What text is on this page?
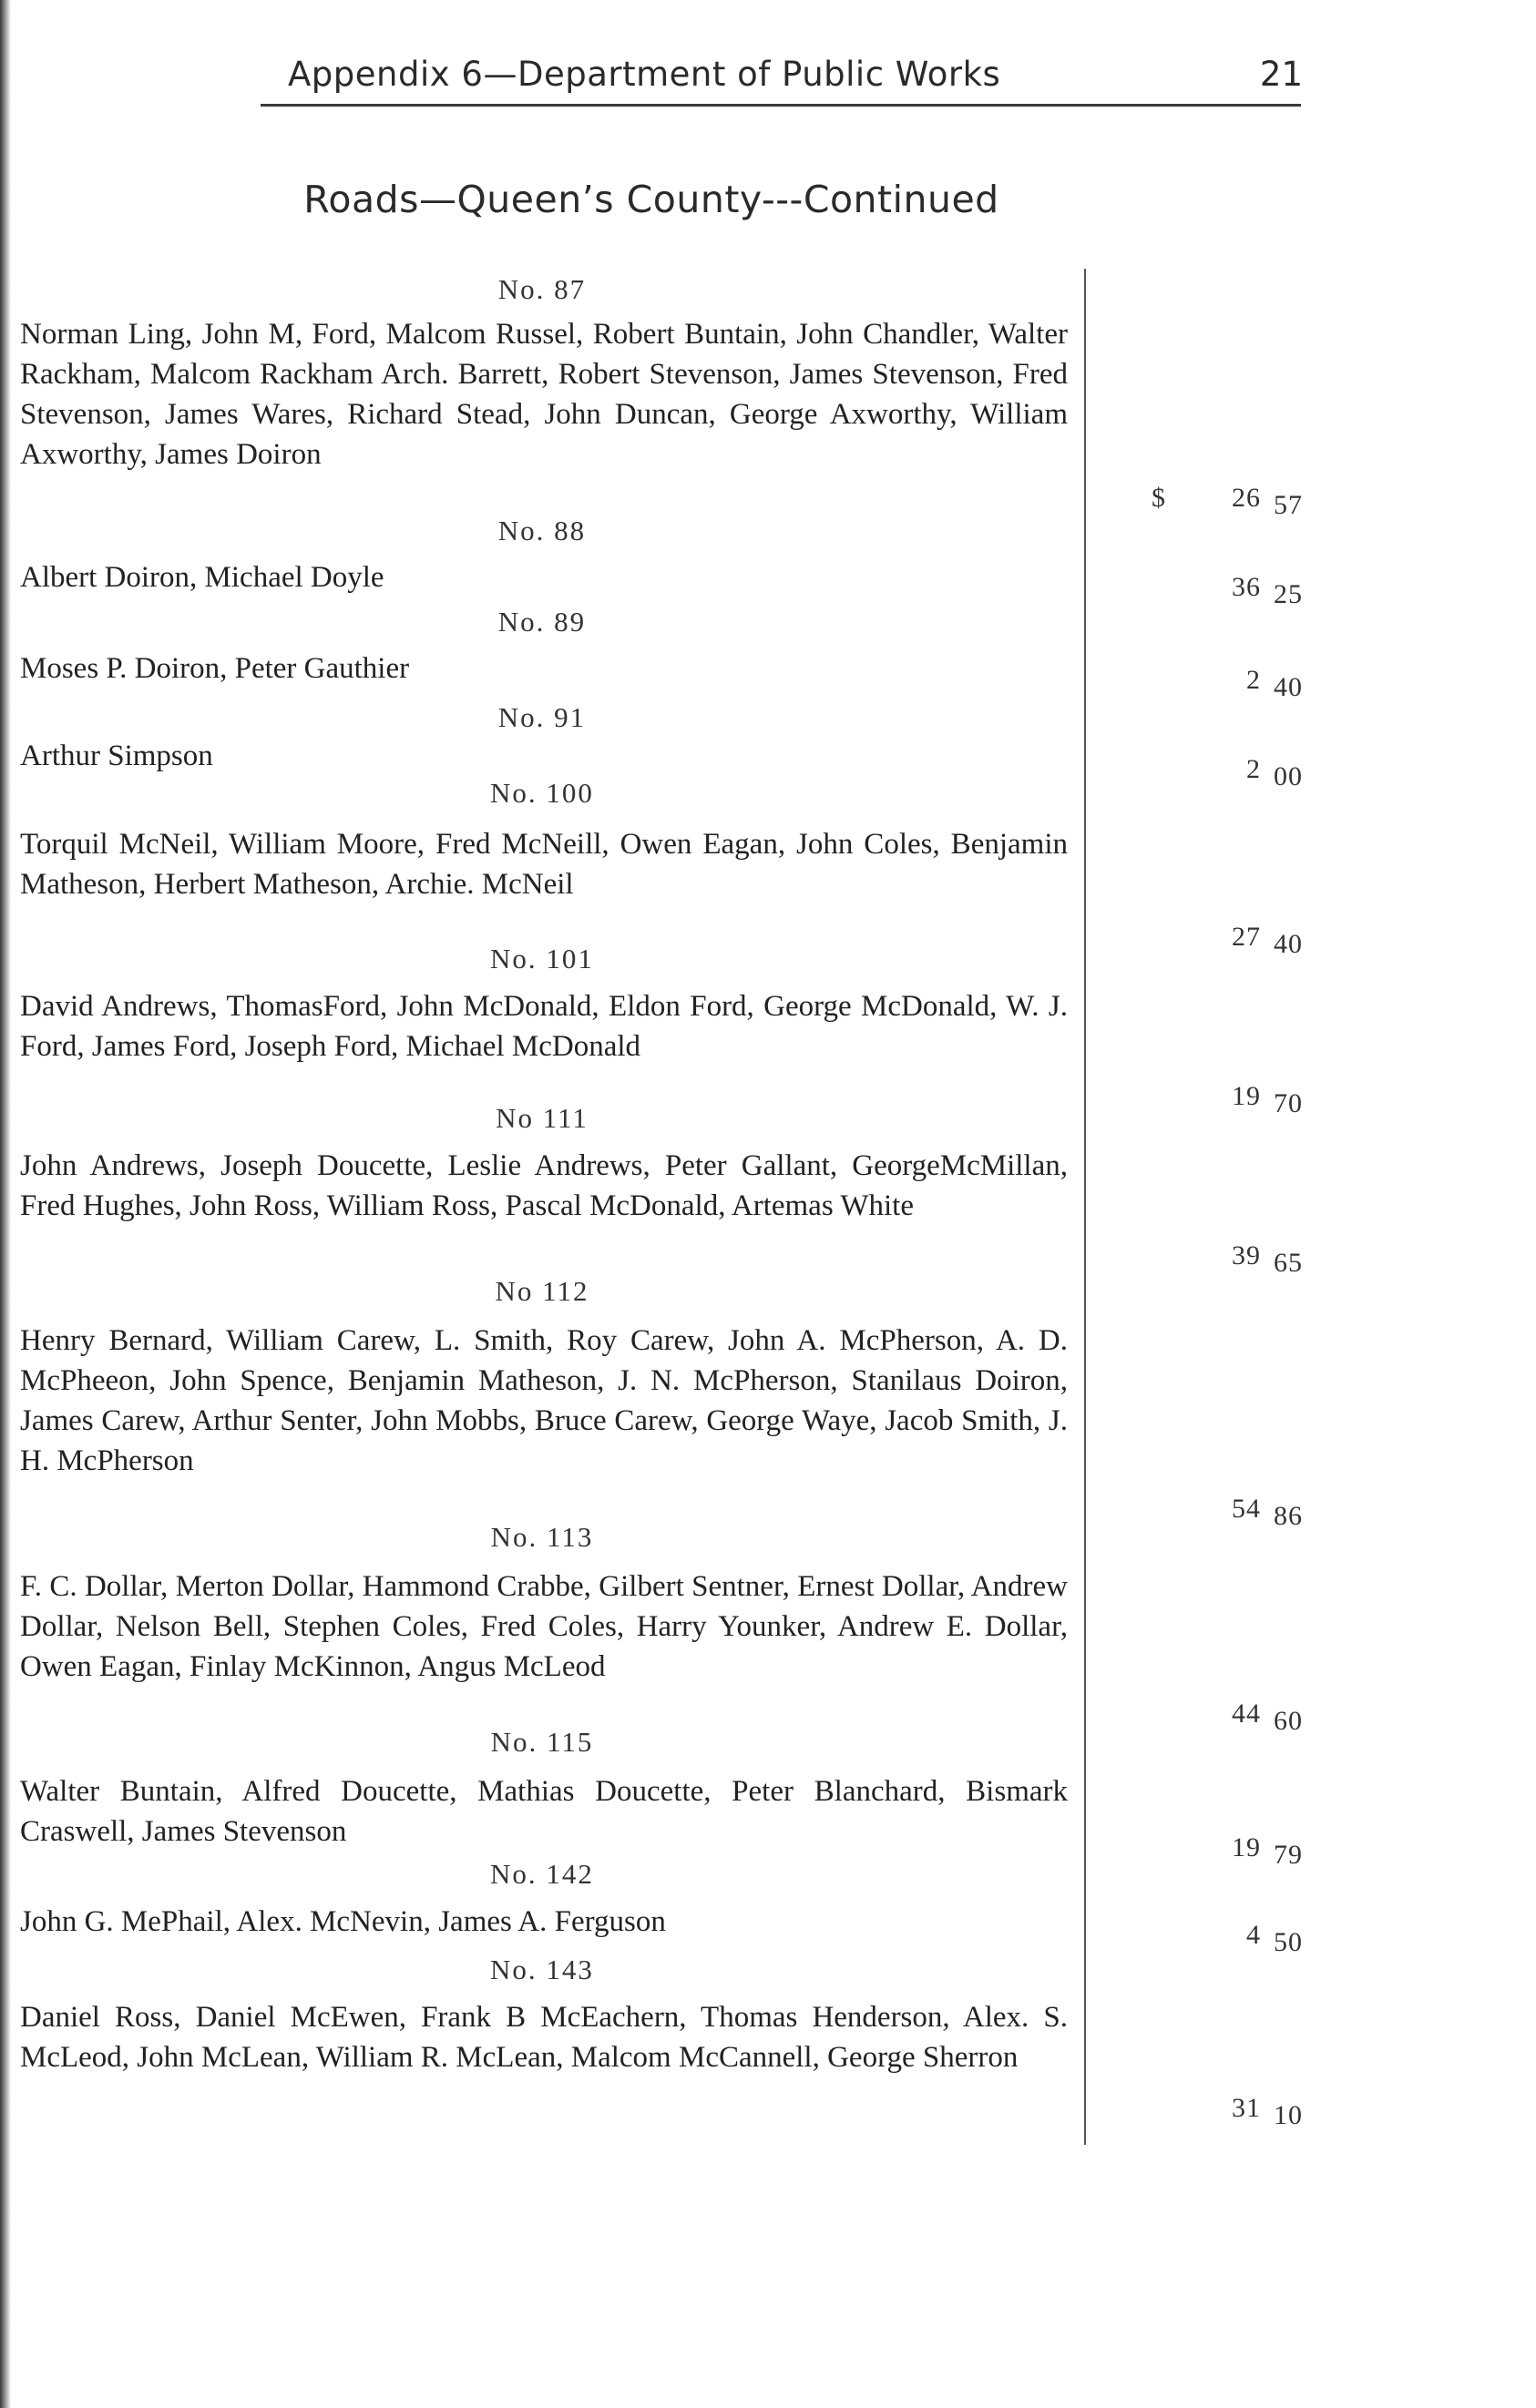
Appendix 6—Department of Public Works	21
Roads—Queen’s County---Continued
No. 87
Norman Ling, John M, Ford, Malcom Russel, Robert Buntain, John Chandler, Walter Rackham, Malcom Rackham Arch. Barrett, Robert Stevenson, James Stevenson, Fred Stevenson, James Wares, Richard Stead, John Duncan, George Axworthy, William Axworthy, James Doiron
$ 26 57
No. 88
Albert Doiron, Michael Doyle	36 25
No. 89
Moses P. Doiron, Peter Gauthier	2 40
No. 91
Arthur Simpson	2 00
No. 100
Torquil McNeil, William Moore, Fred McNeill, Owen Eagan, John Coles, Benjamin Matheson, Herbert Matheson, Archie. McNeil
27 40
No. 101
David Andrews, ThomasFord, John McDonald, Eldon Ford, George McDonald, W. J. Ford, James Ford, Joseph Ford, Michael McDonald
19 70
No 111
John Andrews, Joseph Doucette, Leslie Andrews, Peter Gallant, GeorgeMcMillan, Fred Hughes, John Ross, William Ross, Pascal McDonald, Artemas White
39 65
No 112
Henry Bernard, William Carew, L. Smith, Roy Carew, John A. McPherson, A. D. McPheeon, John Spence, Benjamin Matheson, J. N. McPherson, Stanilaus Doiron, James Carew, Arthur Senter, John Mobbs, Bruce Carew, George Waye, Jacob Smith, J. H. McPherson
54 86
No. 113
F. C. Dollar, Merton Dollar, Hammond Crabbe, Gilbert Sentner, Ernest Dollar, Andrew Dollar, Nelson Bell, Stephen Coles, Fred Coles, Harry Younker, Andrew E. Dollar, Owen Eagan, Finlay McKinnon, Angus McLeod
44 60
No. 115
Walter Buntain, Alfred Doucette, Mathias Doucette, Peter Blanchard, Bismark Craswell, James Stevenson	19 79
No. 142
John G. MePhail, Alex. McNevin, James A. Ferguson	4 50
No. 143
Daniel Ross, Daniel McEwen, Frank B McEachern, Thomas Henderson, Alex. S. McLeod, John McLean, William R. McLean, Malcom McCannell, George Sherron
31 10
